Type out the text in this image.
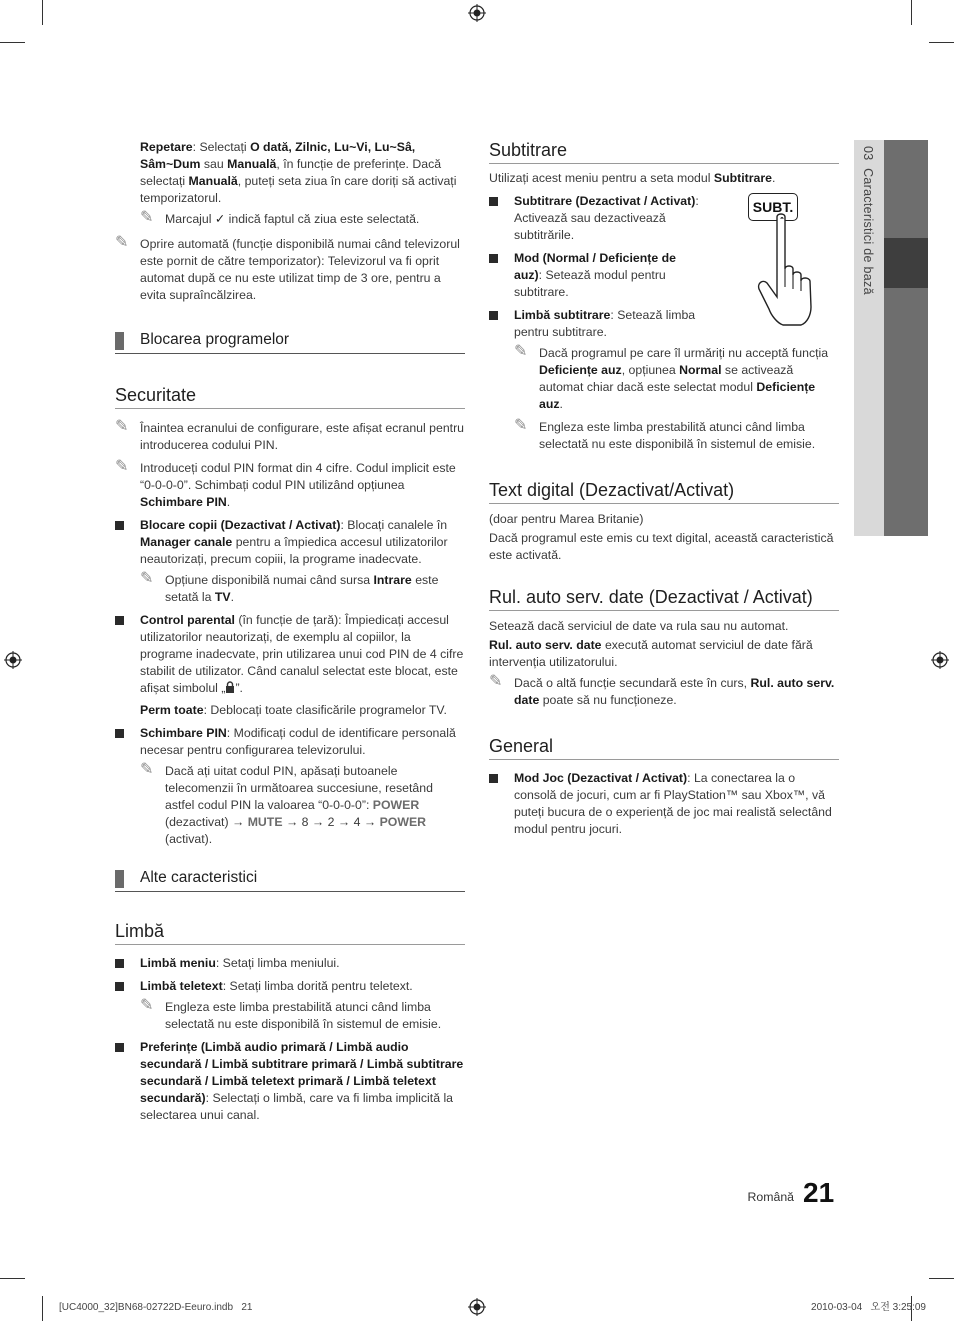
03  Caracteristici de bază

Repetare: Selectați O dată, Zilnic, Lu~Vi, Lu~Sâ, Sâm~Dum sau Manuală, în funcție de preferințe. Dacă selectați Manuală, puteți seta ziua în care doriți să activați temporizatorul.

✎ Marcajul ✓ indică faptul că ziua este selectată.
✎ Oprire automată (funcție disponibilă numai când televizorul este pornit de către temporizator): Televizorul va fi oprit automat după ce nu este utilizat timp de 3 ore, pentru a evita supraîncălzirea.
Blocarea programelor
Securitate
✎ Înaintea ecranului de configurare, este afișat ecranul pentru introducerea codului PIN.
✎ Introduceți codul PIN format din 4 cifre. Codul implicit este “0-0-0-0”. Schimbați codul PIN utilizând opțiunea Schimbare PIN.
Blocare copii (Dezactivat / Activat): Blocați canalele în Manager canale pentru a împiedica accesul utilizatorilor neautorizați, precum copiii, la programe inadecvate.
✎ Opțiune disponibilă numai când sursa Intrare este setată la TV.
Control parental (în funcție de țară): Împiedicați accesul utilizatorilor neautorizați, de exemplu al copiilor, la programe inadecvate, prin utilizarea unui cod PIN de 4 cifre stabilit de utilizator. Când canalul selectat este blocat, este afișat simbolul „ ”.

Perm toate: Deblocați toate clasificările programelor TV.

Schimbare PIN: Modificați codul de identificare personală necesar pentru configurarea televizorului.
✎ Dacă ați uitat codul PIN, apăsați butoanele telecomenzii în următoarea succesiune, resetând astfel codul PIN la valoarea “0-0-0-0”: POWER (dezactivat) → MUTE → 8 → 2 → 4 → POWER (activat).
Alte caracteristici
Limbă
Limbă meniu: Setați limba meniului.
Limbă teletext: Setați limba dorită pentru teletext.
✎ Engleza este limba prestabilită atunci când limba selectată nu este disponibilă în sistemul de emisie.
Preferințe (Limbă audio primară / Limbă audio secundară / Limbă subtitrare primară / Limbă subtitrare secundară / Limbă teletext primară / Limbă teletext secundară): Selectați o limbă, care va fi limba implicită la selectarea unui canal.
Subtitrare

Utilizați acest meniu pentru a seta modul Subtitrare.

Subtitrare (Dezactivat / Activat): Activează sau dezactivează subtitrările.
Mod (Normal / Deficiențe de auz): Setează modul pentru subtitrare.
Limbă subtitrare: Setează limba pentru subtitrare.
SUBT.
✎ Dacă programul pe care îl urmăriți nu acceptă funcția Deficiențe auz, opțiunea Normal se activează automat chiar dacă este selectat modul Deficiențe auz.
✎ Engleza este limba prestabilită atunci când limba selectată nu este disponibilă în sistemul de emisie.
Text digital (Dezactivat/Activat)

(doar pentru Marea Britanie)

Dacă programul este emis cu text digital, această caracteristică este activată.

Rul. auto serv. date (Dezactivat / Activat)

Setează dacă serviciul de date va rula sau nu automat.

Rul. auto serv. date execută automat serviciul de date fără intervenția utilizatorului.

✎ Dacă o altă funcție secundară este în curs, Rul. auto serv. date poate să nu funcționeze.
General
Mod Joc (Dezactivat / Activat): La conectarea la o consolă de jocuri, cum ar fi PlayStation™ sau Xbox™, vă puteți bucura de o experiență de joc mai realistă selectând modul pentru jocuri.
Română 21
[UC4000_32]BN68-02722D-Eeuro.indb   21	2010-03-04   오전 3:25:09
